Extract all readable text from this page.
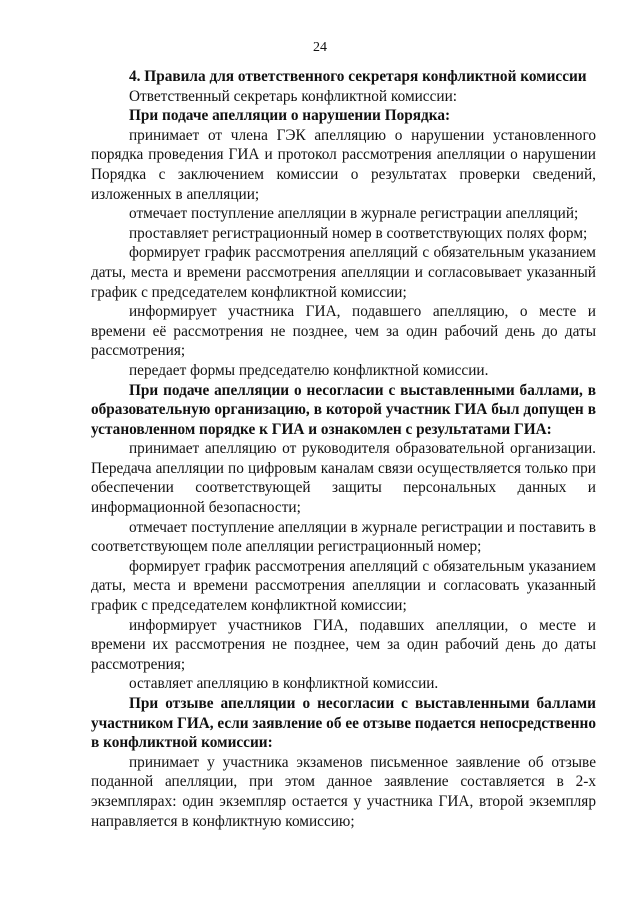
24

4. Правила для ответственного секретаря конфликтной комиссии

Ответственный секретарь конфликтной комиссии:

При подаче апелляции о нарушении Порядка:

принимает от члена ГЭК апелляцию о нарушении установленного порядка проведения ГИА и протокол рассмотрения апелляции о нарушении Порядка с заключением комиссии о результатах проверки сведений, изложенных в апелляции;

отмечает поступление апелляции в журнале регистрации апелляций;

проставляет регистрационный номер в соответствующих полях форм;

формирует график рассмотрения апелляций с обязательным указанием даты, места и времени рассмотрения апелляции и согласовывает указанный график с председателем конфликтной комиссии;

информирует участника ГИА, подавшего апелляцию, о месте и времени её рассмотрения не позднее, чем за один рабочий день до даты рассмотрения;

передает формы председателю конфликтной комиссии.

При подаче апелляции о несогласии с выставленными баллами, в образовательную организацию, в которой участник ГИА был допущен в установленном порядке к ГИА и ознакомлен с результатами ГИА:

принимает апелляцию от руководителя образовательной организации. Передача апелляции по цифровым каналам связи осуществляется только при обеспечении соответствующей защиты персональных данных и информационной безопасности;

отмечает поступление апелляции в журнале регистрации и поставить в соответствующем поле апелляции регистрационный номер;

формирует график рассмотрения апелляций с обязательным указанием даты, места и времени рассмотрения апелляции и согласовать указанный график с председателем конфликтной комиссии;

информирует участников ГИА, подавших апелляции, о месте и времени их рассмотрения не позднее, чем за один рабочий день до даты рассмотрения;

оставляет апелляцию в конфликтной комиссии.

При отзыве апелляции о несогласии с выставленными баллами участником ГИА, если заявление об ее отзыве подается непосредственно в конфликтной комиссии:

принимает у участника экзаменов письменное заявление об отзыве поданной апелляции, при этом данное заявление составляется в 2-х экземплярах: один экземпляр остается у участника ГИА, второй экземпляр направляется в конфликтную комиссию;
